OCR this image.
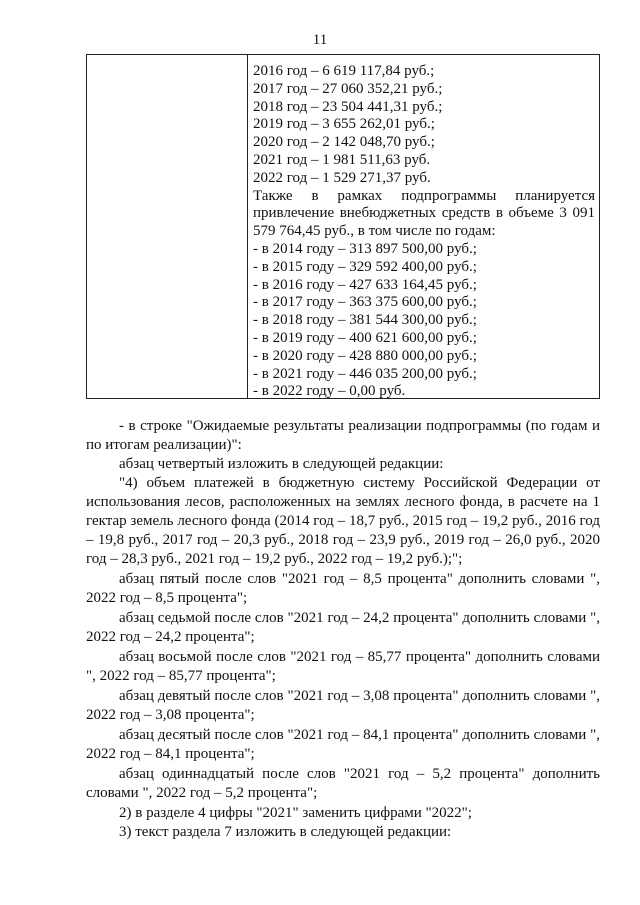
11
2016 год – 6 619 117,84 руб.;
2017 год – 27 060 352,21 руб.;
2018 год – 23 504 441,31 руб.;
2019 год – 3 655 262,01 руб.;
2020 год – 2 142 048,70 руб.;
2021 год – 1 981 511,63 руб.
2022 год – 1 529 271,37 руб.
Также в рамках подпрограммы планируется привлечение внебюджетных средств в объеме 3 091 579 764,45 руб., в том числе по годам:
- в 2014 году – 313 897 500,00 руб.;
- в 2015 году – 329 592 400,00 руб.;
- в 2016 году – 427 633 164,45 руб.;
- в 2017 году – 363 375 600,00 руб.;
- в 2018 году – 381 544 300,00 руб.;
- в 2019 году – 400 621 600,00 руб.;
- в 2020 году – 428 880 000,00 руб.;
- в 2021 году – 446 035 200,00 руб.;
- в 2022 году – 0,00 руб.
- в строке "Ожидаемые результаты реализации подпрограммы (по годам и по итогам реализации)":
абзац четвертый изложить в следующей редакции:
"4) объем платежей в бюджетную систему Российской Федерации от использования лесов, расположенных на землях лесного фонда, в расчете на 1 гектар земель лесного фонда (2014 год – 18,7 руб., 2015 год – 19,2 руб., 2016 год – 19,8 руб., 2017 год – 20,3 руб., 2018 год – 23,9 руб., 2019 год – 26,0 руб., 2020 год – 28,3 руб., 2021 год – 19,2 руб., 2022 год – 19,2 руб.);";
абзац пятый после слов "2021 год – 8,5 процента" дополнить словами ", 2022 год – 8,5 процента";
абзац седьмой после слов "2021 год – 24,2 процента" дополнить словами ", 2022 год – 24,2 процента";
абзац восьмой после слов "2021 год – 85,77 процента" дополнить словами ", 2022 год – 85,77 процента";
абзац девятый после слов "2021 год – 3,08 процента" дополнить словами ", 2022 год – 3,08 процента";
абзац десятый после слов "2021 год – 84,1 процента" дополнить словами ", 2022 год – 84,1 процента";
абзац одиннадцатый после слов "2021 год – 5,2 процента" дополнить словами ", 2022 год – 5,2 процента";
2) в разделе 4 цифры "2021" заменить цифрами "2022";
3) текст раздела 7 изложить в следующей редакции:
